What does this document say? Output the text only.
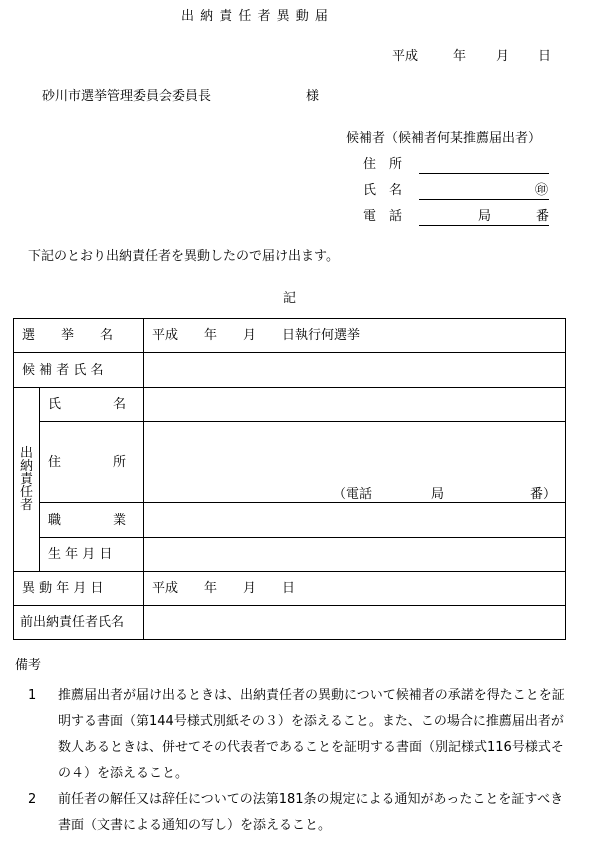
出 納 責 任 者 異 動 届
平成	年 月 日
砂川市選挙管理委員会委員長	様
候補者（候補者何某推薦届出者）
住　所
氏　名	㊞
電　話	局	番
下記のとおり出納責任者を異動したので届け出ます。
記
選　　挙　　名		平成　　年　　月　　日執行何選挙
候 補 者 氏 名		

出
納
責
任
者	氏　　　　名	
	住　　　　所	（電話 局 番）

	職　　　　業	
	生 年 月 日	
異 動 年 月 日		平成　　年　　月　　日
前出納責任者氏名		
備考
1	推薦届出者が届け出るときは、出納責任者の異動について候補者の承諾を得たことを証明する書面（第144号様式別紙その３）を添えること。また、この場合に推薦届出者が数人あるときは、併せてその代表者であることを証明する書面（別記様式116号様式その４）を添えること。

2	前任者の解任又は辞任についての法第181条の規定による通知があったことを証すべき書面（文書による通知の写し）を添えること。
